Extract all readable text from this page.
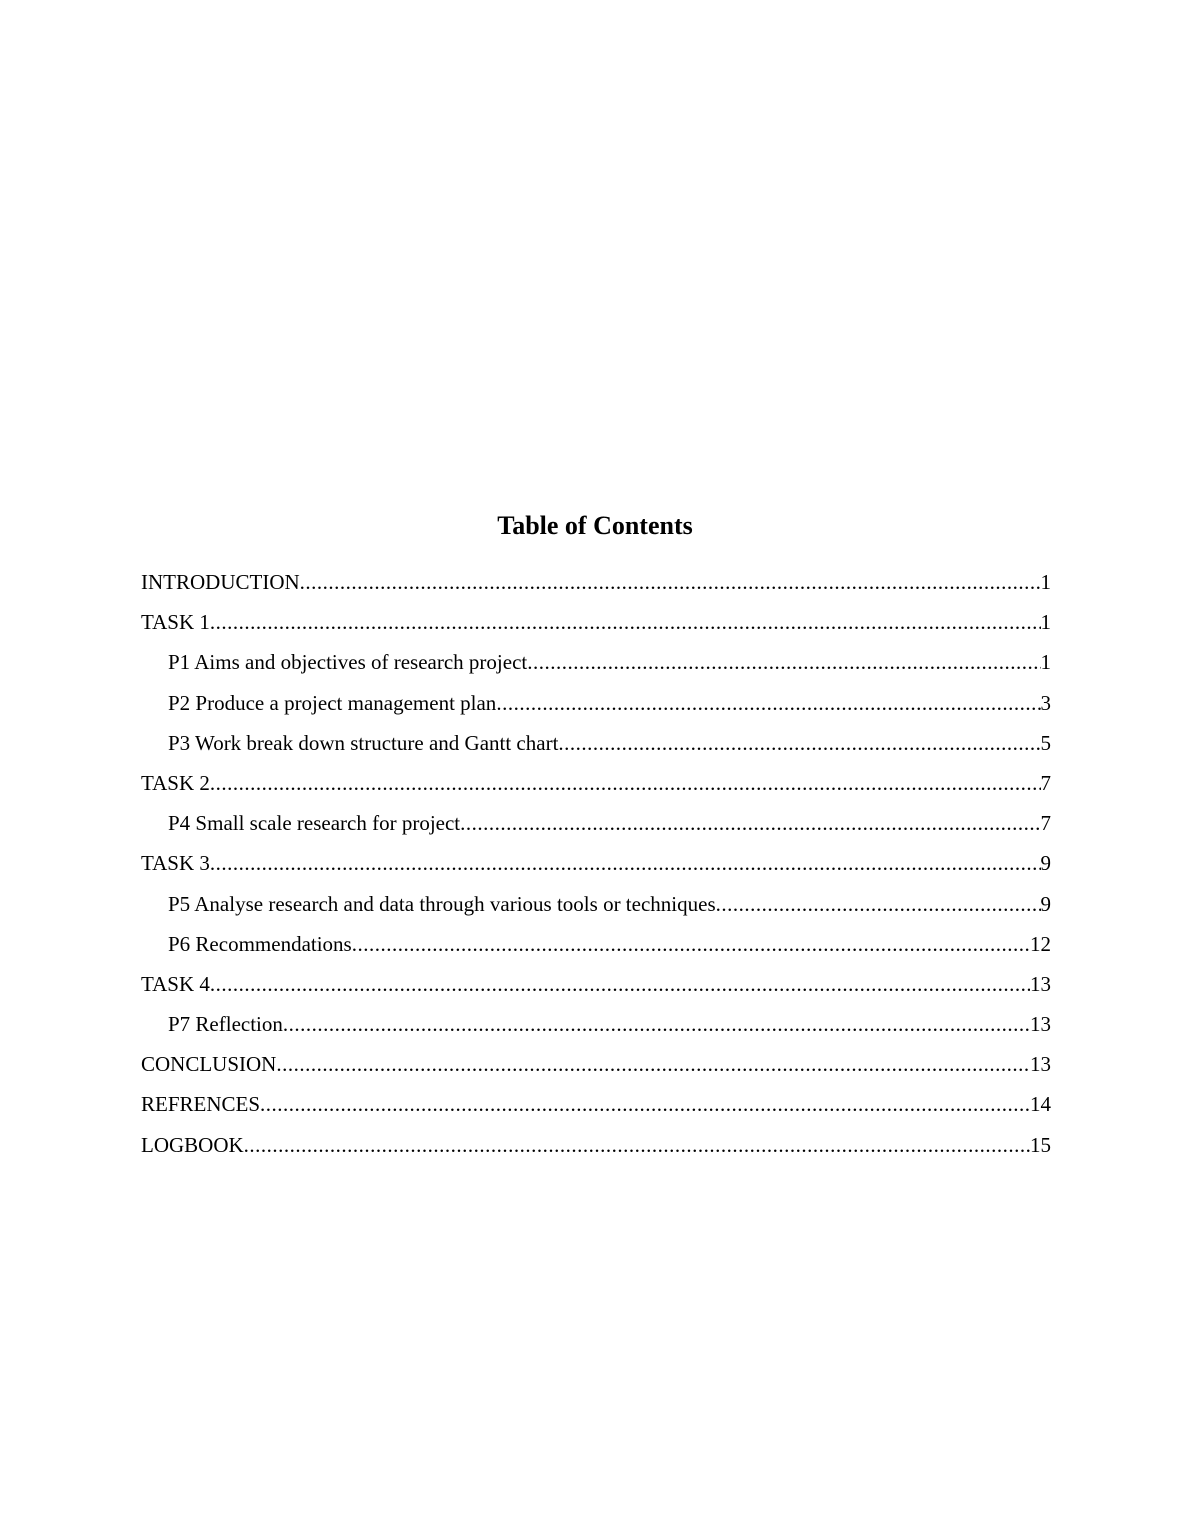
Table of Contents
INTRODUCTION .....	1
TASK 1 .....	1
P1 Aims and objectives of research project .....	1
P2 Produce a project management plan .....	3
P3 Work break down structure and Gantt chart .....	5
TASK 2 .....	7
P4 Small scale research for project .....	7
TASK 3 .....	9
P5 Analyse research and data through various tools or techniques .....	9
P6 Recommendations .....	12
TASK 4 .....	13
P7 Reflection .....	13
CONCLUSION .....	13
REFRENCES .....	14
LOGBOOK .....	15
